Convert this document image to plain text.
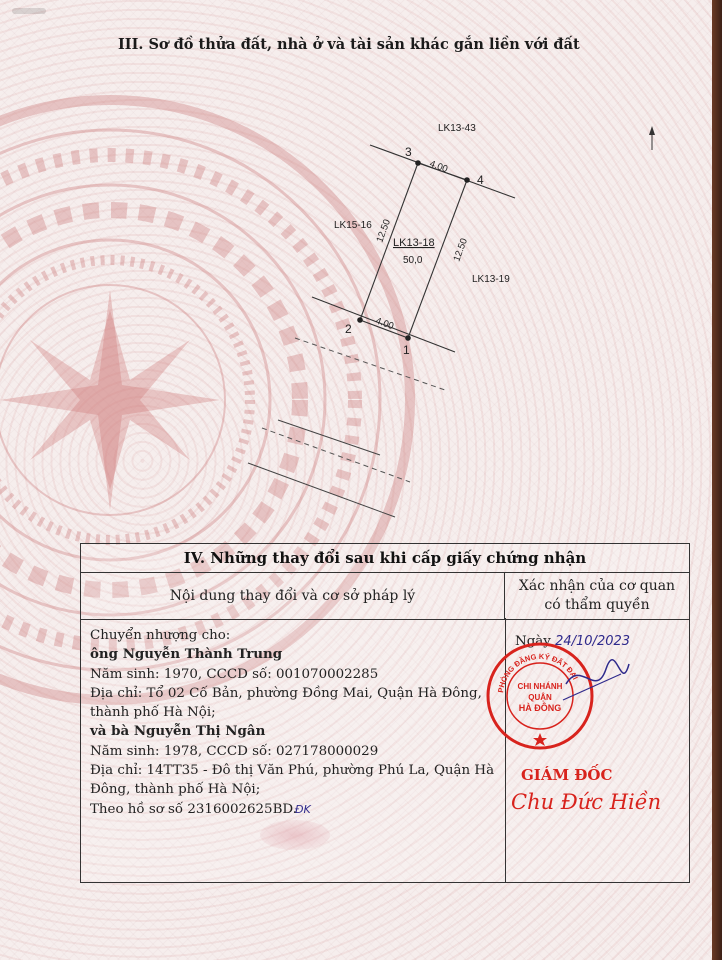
III. Sơ đồ thửa đất, nhà ở và tài sản khác gắn liền với đất
LK13-43
LK15-16
LK13-19
LK13-18
50,0
4.00
4.00
12.50
12.50
3
4
2
1
IV. Những thay đổi sau khi cấp giấy chứng nhận
Nội dung thay đổi và cơ sở pháp lý
Xác nhận của cơ quan
có thẩm quyền
Chuyển nhượng cho:
ông Nguyễn Thành Trung
Năm sinh: 1970, CCCD số: 001070002285
Địa chỉ: Tổ 02 Cố Bản, phường Đồng Mai, Quận Hà Đông,
thành phố Hà Nội;
và bà Nguyễn Thị Ngân
Năm sinh: 1978, CCCD số: 027178000029
Địa chỉ: 14TT35 - Đô thị Văn Phú, phường Phú La, Quận Hà
Đông, thành phố Hà Nội;
Theo hồ sơ số 2316002625BD.ĐK
Ngày 24/10/2023
PHÒNG ĐĂNG KÝ ĐẤT ĐAI
CHI NHÁNH
QUẬN
HÀ ĐÔNG
GIÁM ĐỐC
Chu Đức Hiền
